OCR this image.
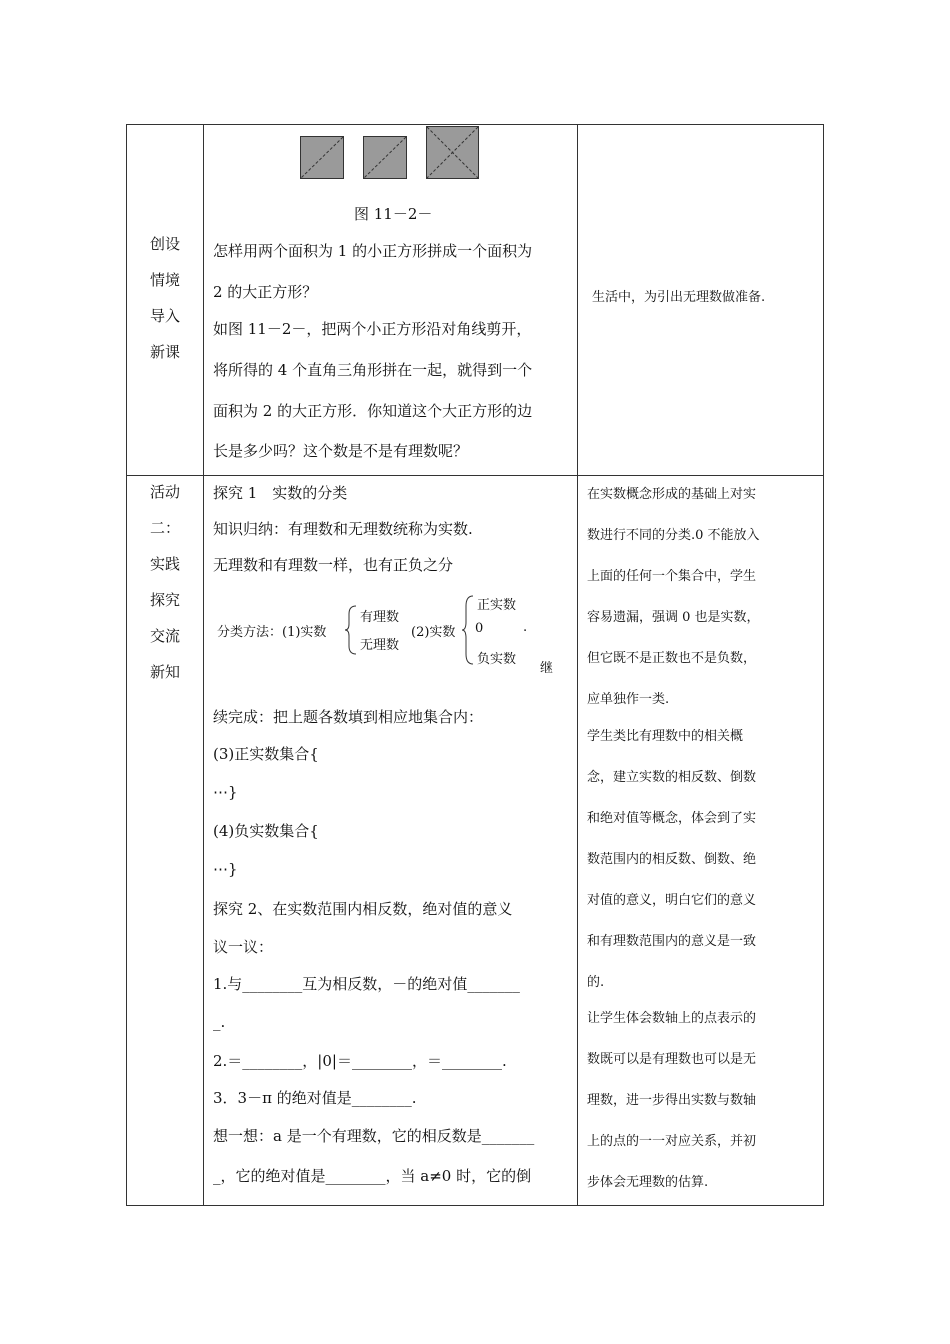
创设
情境
导入
新课
图 11－2－
怎样用两个面积为 1 的小正方形拼成一个面积为
2 的大正方形？
如图 11－2－，把两个小正方形沿对角线剪开，
将所得的 4 个直角三角形拼在一起，就得到一个
面积为 2 的大正方形．你知道这个大正方形的边
长是多少吗？这个数是不是有理数呢？
生活中，为引出无理数做准备.
活动
二：
实践
探究
交流
新知
探究 1　实数的分类
知识归纳：有理数和无理数统称为实数.
无理数和有理数一样，也有正负之分
分类方法：(1)实数
有理数
无理数
(2)实数
正实数
0
负实数
.
继
续完成：把上题各数填到相应地集合内：
(3)正实数集合{
⋯}
(4)负实数集合{
⋯}
探究 2、在实数范围内相反数，绝对值的意义
议一议：
1.与________互为相反数，－的绝对值_______
_.
2.＝________，|0|＝________，＝________.
3．3－π 的绝对值是________.
想一想：a 是一个有理数，它的相反数是_______
_，它的绝对值是________，当 a≠0 时，它的倒
在实数概念形成的基础上对实
数进行不同的分类.0 不能放入
上面的任何一个集合中，学生
容易遗漏，强调 0 也是实数，
但它既不是正数也不是负数，
应单独作一类.
学生类比有理数中的相关概
念，建立实数的相反数、倒数
和绝对值等概念，体会到了实
数范围内的相反数、倒数、绝
对值的意义，明白它们的意义
和有理数范围内的意义是一致
的.
让学生体会数轴上的点表示的
数既可以是有理数也可以是无
理数，进一步得出实数与数轴
上的点的一一对应关系，并初
步体会无理数的估算.
